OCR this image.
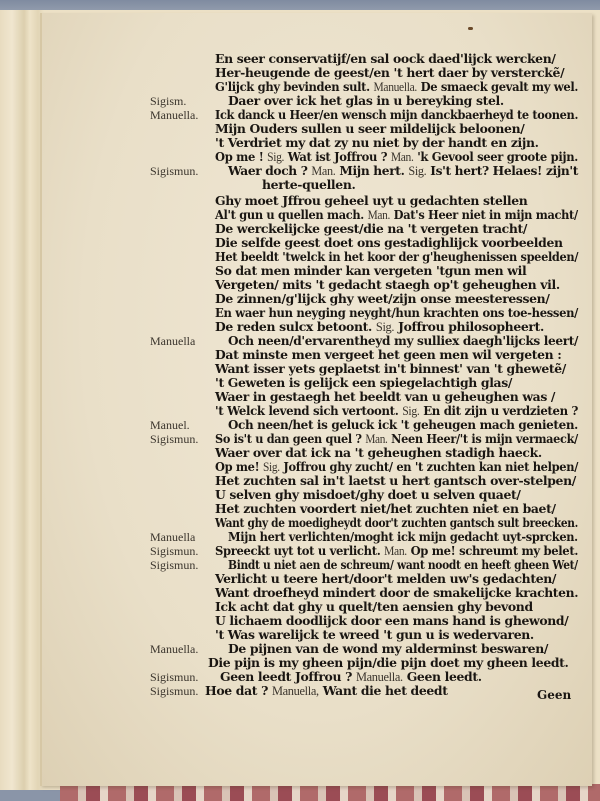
En seer conservatijf/en sal oock daed'lijck wercken/
Her-heugende de geest/en 't hert daer by versterckẽ/
G'lijck ghy bevinden sult. Manuella. De smaeck gevalt my wel.
Sigism.	Daer over ick het glas in u bereyking stel.
Manuella. Ick danck u Heer/en wensch mijn danckbaerheyd te toonen.
Mijn Ouders sullen u seer mildelijck beloonen/
't Verdriet my dat zy nu niet by der handt en zijn.
Op me ! Sig. Wat ist Joffrou ? Man. 'k Gevool seer groote pijn.
Sigismun. Waer doch ? Man. Mijn hert. Sig. Is't hert? Helaes! zijn't
herte-quellen.
Ghy moet Jffrou geheel uyt u gedachten stellen
Al't gun u quellen mach. Man. Dat's Heer niet in mijn macht/
De werckelijcke geest/die na 't vergeten tracht/
Die selfde geest doet ons gestadighlijck voorbeelden
Het beeldt 'twelck in het koor der g'heughenissen speelden/
So dat men minder kan vergeten 'tgun men wil
Vergeten/ mits 't gedacht staegh op't geheughen vil.
De zinnen/g'lijck ghy weet/zijn onse meesteressen/
En waer hun neyging neyght/hun krachten ons toe-hessen/
De reden sulcx betoont. Sig. Joffrou philosopheert.
Manuella	Och neen/d'ervarentheyd my sulliex daegh'lijcks leert/
Dat minste men vergeet het geen men wil vergeten :
Want isser yets geplaetst in't binnest' van 't ghewetẽ/
't Geweten is gelijck een spiegelachtigh glas/
Waer in gestaegh het beeldt van u geheughen was /
't Welck levend sich vertoont. Sig. En dit zijn u verdzieten ?
Manuel.	Och neen/het is geluck ick 't geheugen mach genieten.
Sigismun. So is't u dan geen quel ? Man. Neen Heer/'t is mijn vermaeck/
Waer over dat ick na 't geheughen stadigh haeck.
Op me! Sig. Joffrou ghy zucht/ en 't zuchten kan niet helpen/
Het zuchten sal in't laetst u hert gantsch over-stelpen/
U selven ghy misdoet/ghy doet u selven quaet/
Het zuchten voordert niet/het zuchten niet en baet/
Want ghy de moedigheydt door't zuchten gantsch sult breecken.
Manuella	Mijn hert verlichten/moght ick mijn gedacht uyt-sprcken.
Sigismun. Spreeckt uyt tot u verlicht. Man. Op me! schreumt my belet.
Sigismun. Bindt u niet aen de schreum/ want noodt en heeft gheen Wet/
Verlicht u teere hert/door't melden uw's gedachten/
Want droefheyd mindert door de smakelijcke krachten.
Ick acht dat ghy u quelt/ten aensien ghy bevond
U lichaem doodlijck door een mans hand is ghewond/
't Was warelijck te wreed 't gun u is wedervaren.
Manuella. De pijnen van de wond my alderminst beswaren/
Die pijn is my gheen pijn/die pijn doet my gheen leedt.
Sigismun. Geen leedt Joffrou ? Manuella. Geen leedt.
Sigismun. Hoe dat ? Manuella, Want die het deedt	Geen
